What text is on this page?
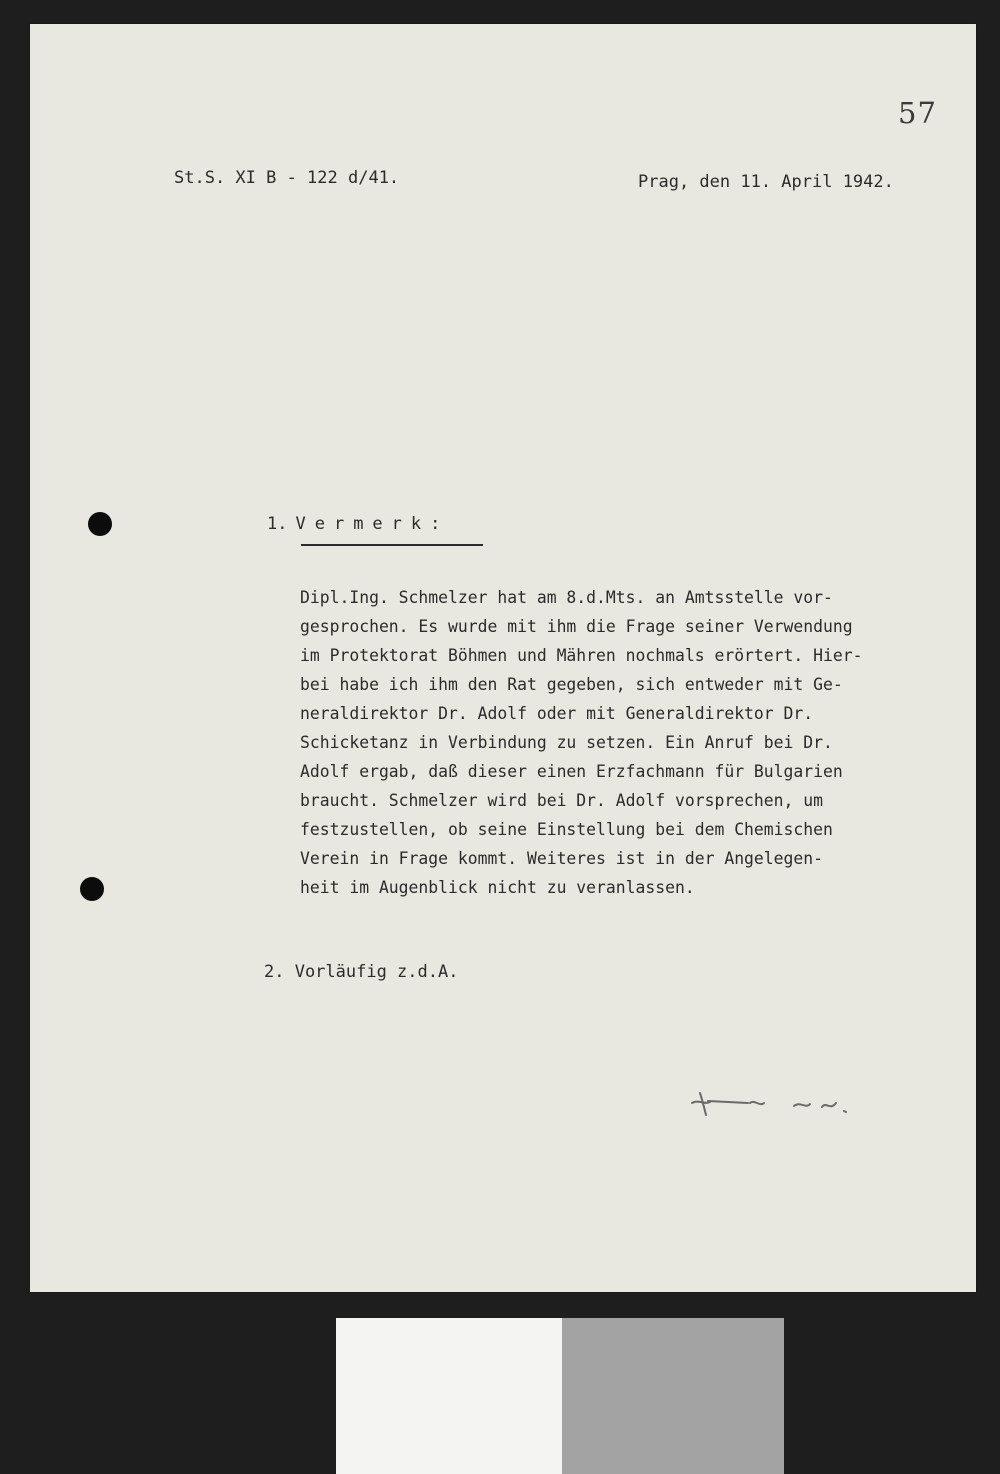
57
St.S. XI B - 122 d/41.	Prag, den 11. April 1942.
1. Vermerk:
Dipl.Ing. Schmelzer hat am 8.d.Mts. an Amtsstelle vor-
gesprochen. Es wurde mit ihm die Frage seiner Verwendung
im Protektorat Böhmen und Mähren nochmals erörtert. Hier-
bei habe ich ihm den Rat gegeben, sich entweder mit Ge-
neraldirektor Dr. Adolf oder mit Generaldirektor Dr.
Schicketanz in Verbindung zu setzen. Ein Anruf bei Dr.
Adolf ergab, daß dieser einen Erzfachmann für Bulgarien
braucht. Schmelzer wird bei Dr. Adolf vorsprechen, um
festzustellen, ob seine Einstellung bei dem Chemischen
Verein in Frage kommt. Weiteres ist in der Angelegen-
heit im Augenblick nicht zu veranlassen.
2. Vorläufig z.d.A.
